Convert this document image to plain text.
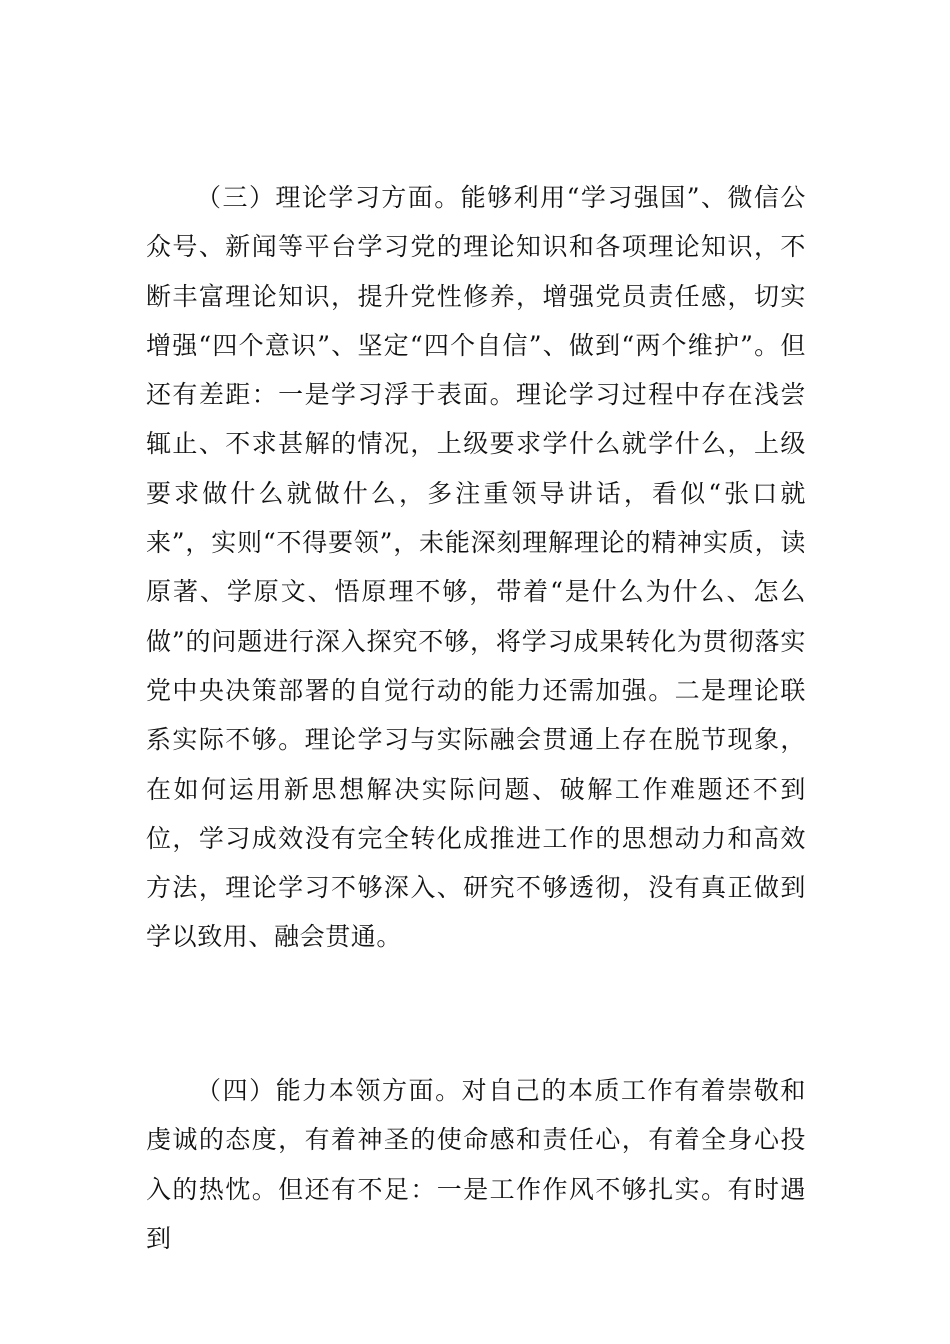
（三）理论学习方面。能够利用“学习强国”、微信公众号、新闻等平台学习党的理论知识和各项理论知识，不断丰富理论知识，提升党性修养，增强党员责任感，切实增强“四个意识”、坚定“四个自信”、做到“两个维护”。但还有差距：一是学习浮于表面。理论学习过程中存在浅尝辄止、不求甚解的情况，上级要求学什么就学什么，上级要求做什么就做什么，多注重领导讲话，看似“张口就来”，实则“不得要领”，未能深刻理解理论的精神实质，读原著、学原文、悟原理不够，带着“是什么为什么、怎么做”的问题进行深入探究不够，将学习成果转化为贯彻落实党中央决策部署的自觉行动的能力还需加强。二是理论联系实际不够。理论学习与实际融会贯通上存在脱节现象，在如何运用新思想解决实际问题、破解工作难题还不到位，学习成效没有完全转化成推进工作的思想动力和高效方法，理论学习不够深入、研究不够透彻，没有真正做到学以致用、融会贯通。

（四）能力本领方面。对自己的本质工作有着崇敬和虔诚的态度，有着神圣的使命感和责任心，有着全身心投入的热忱。但还有不足：一是工作作风不够扎实。有时遇到
